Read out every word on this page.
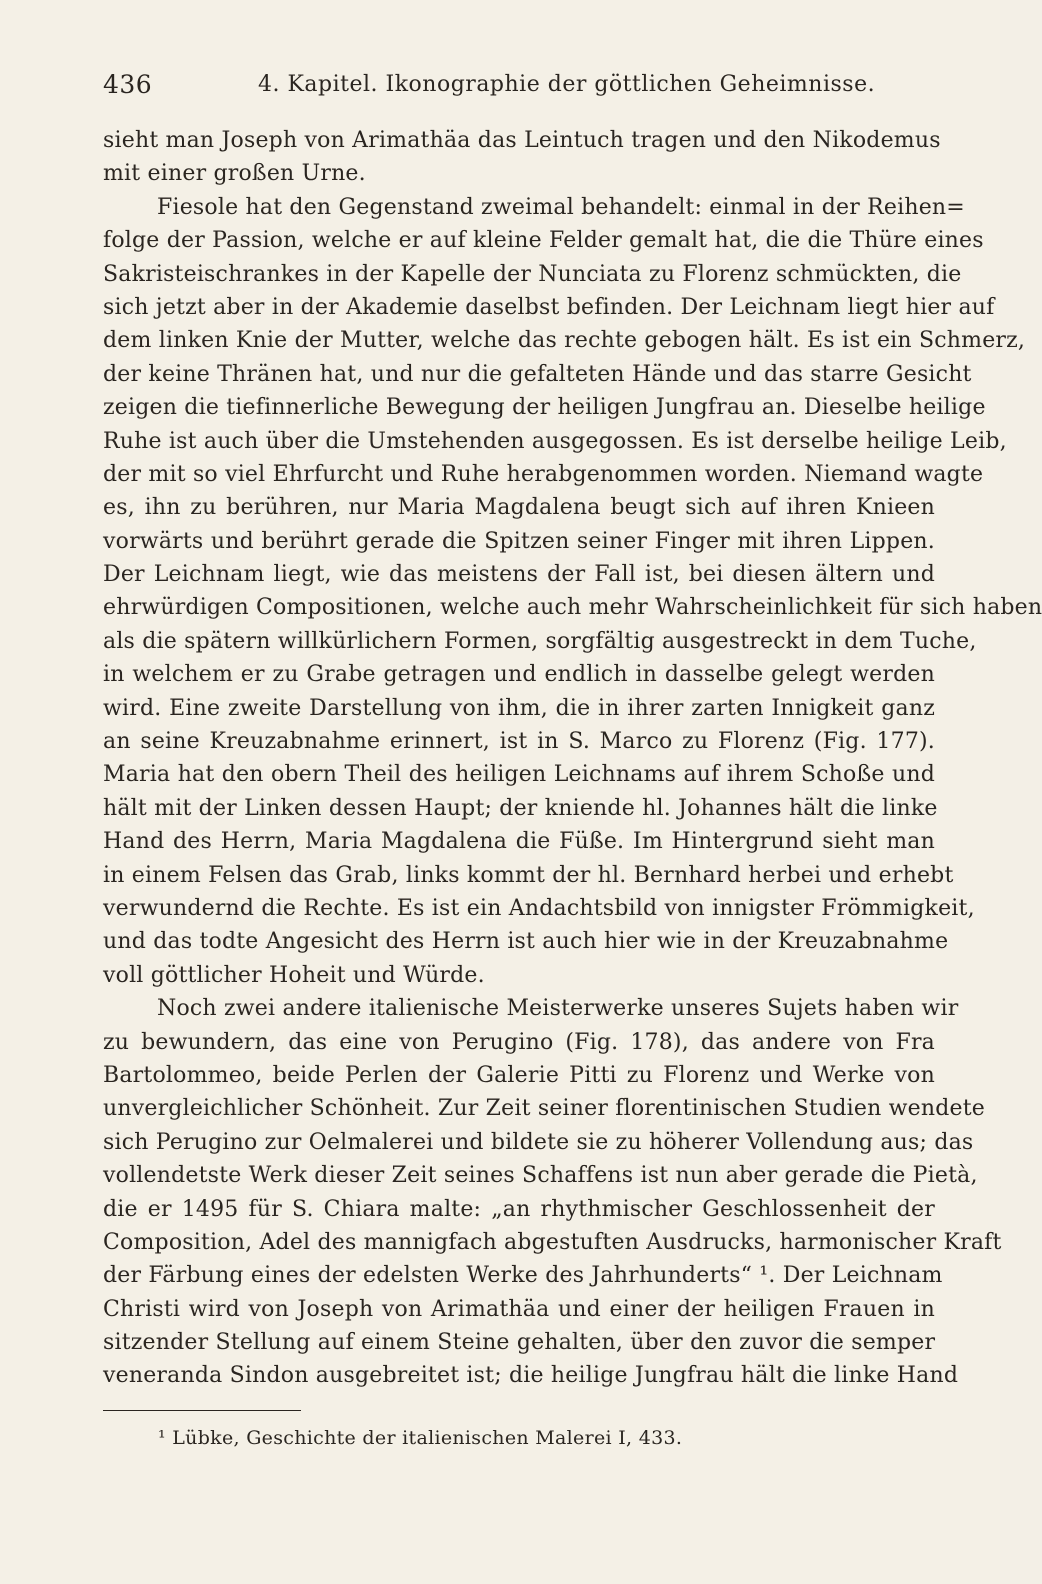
436	4. Kapitel. Ikonographie der göttlichen Geheimnisse.
sieht man Joseph von Arimathäa das Leintuch tragen und den Nikodemus
mit einer großen Urne.
Fiesole hat den Gegenstand zweimal behandelt: einmal in der Reihen=
folge der Passion, welche er auf kleine Felder gemalt hat, die die Thüre eines
Sakristeischrankes in der Kapelle der Nunciata zu Florenz schmückten, die
sich jetzt aber in der Akademie daselbst befinden. Der Leichnam liegt hier auf
dem linken Knie der Mutter, welche das rechte gebogen hält. Es ist ein Schmerz,
der keine Thränen hat, und nur die gefalteten Hände und das starre Gesicht
zeigen die tiefinnerliche Bewegung der heiligen Jungfrau an. Dieselbe heilige
Ruhe ist auch über die Umstehenden ausgegossen. Es ist derselbe heilige Leib,
der mit so viel Ehrfurcht und Ruhe herabgenommen worden. Niemand wagte
es, ihn zu berühren, nur Maria Magdalena beugt sich auf ihren Knieen
vorwärts und berührt gerade die Spitzen seiner Finger mit ihren Lippen.
Der Leichnam liegt, wie das meistens der Fall ist, bei diesen ältern und
ehrwürdigen Compositionen, welche auch mehr Wahrscheinlichkeit für sich haben
als die spätern willkürlichern Formen, sorgfältig ausgestreckt in dem Tuche,
in welchem er zu Grabe getragen und endlich in dasselbe gelegt werden
wird. Eine zweite Darstellung von ihm, die in ihrer zarten Innigkeit ganz
an seine Kreuzabnahme erinnert, ist in S. Marco zu Florenz (Fig. 177).
Maria hat den obern Theil des heiligen Leichnams auf ihrem Schoße und
hält mit der Linken dessen Haupt; der kniende hl. Johannes hält die linke
Hand des Herrn, Maria Magdalena die Füße. Im Hintergrund sieht man
in einem Felsen das Grab, links kommt der hl. Bernhard herbei und erhebt
verwundernd die Rechte. Es ist ein Andachtsbild von innigster Frömmigkeit,
und das todte Angesicht des Herrn ist auch hier wie in der Kreuzabnahme
voll göttlicher Hoheit und Würde.
Noch zwei andere italienische Meisterwerke unseres Sujets haben wir
zu bewundern, das eine von Perugino (Fig. 178), das andere von Fra
Bartolommeo, beide Perlen der Galerie Pitti zu Florenz und Werke von
unvergleichlicher Schönheit. Zur Zeit seiner florentinischen Studien wendete
sich Perugino zur Oelmalerei und bildete sie zu höherer Vollendung aus; das
vollendetste Werk dieser Zeit seines Schaffens ist nun aber gerade die Pietà,
die er 1495 für S. Chiara malte: „an rhythmischer Geschlossenheit der
Composition, Adel des mannigfach abgestuften Ausdrucks, harmonischer Kraft
der Färbung eines der edelsten Werke des Jahrhunderts“ ¹. Der Leichnam
Christi wird von Joseph von Arimathäa und einer der heiligen Frauen in
sitzender Stellung auf einem Steine gehalten, über den zuvor die semper
veneranda Sindon ausgebreitet ist; die heilige Jungfrau hält die linke Hand
¹ Lübke, Geschichte der italienischen Malerei I, 433.
